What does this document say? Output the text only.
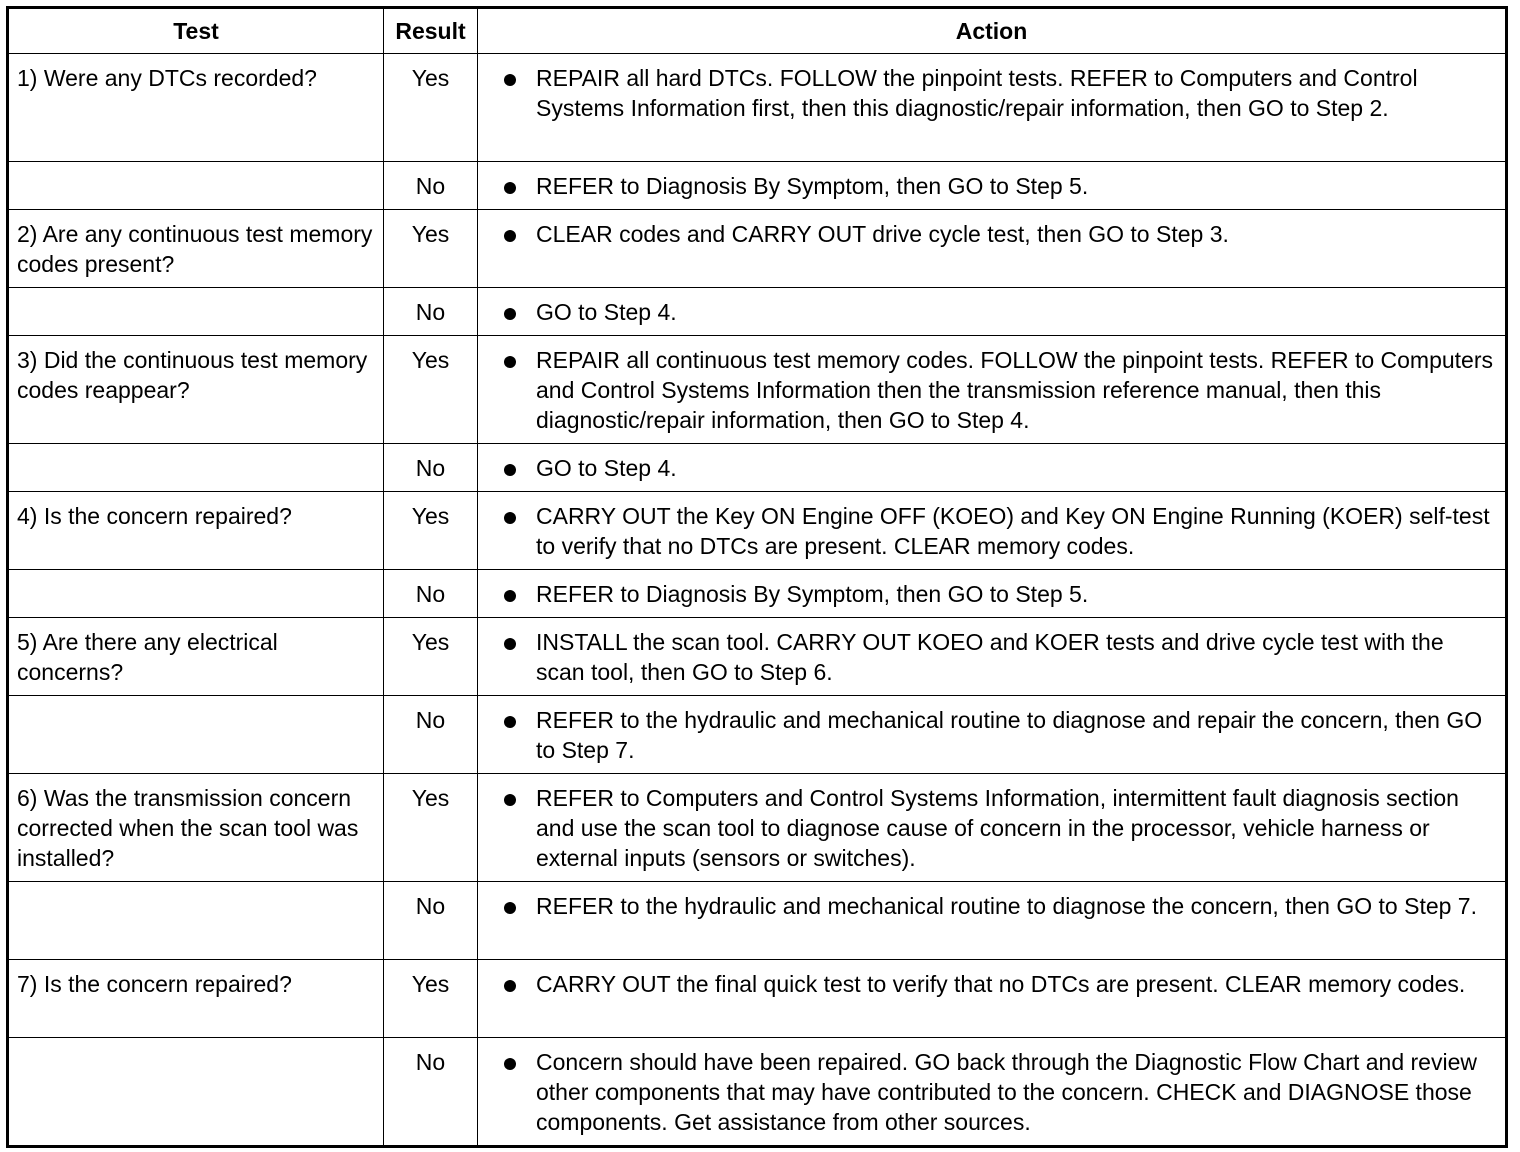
Test	Result	Action
1) Were any DTCs recorded?	Yes	REPAIR all hard DTCs. FOLLOW the pinpoint tests. REFER to Computers and Control Systems Information first, then this diagnostic/repair information, then GO to Step 2.
	No	REFER to Diagnosis By Symptom, then GO to Step 5.
2) Are any continuous test memory codes present?	Yes	CLEAR codes and CARRY OUT drive cycle test, then GO to Step 3.
	No	GO to Step 4.
3) Did the continuous test memory codes reappear?	Yes	REPAIR all continuous test memory codes. FOLLOW the pinpoint tests. REFER to Computers and Control Systems Information then the transmission reference manual, then this diagnostic/repair information, then GO to Step 4.
	No	GO to Step 4.
4) Is the concern repaired?	Yes	CARRY OUT the Key ON Engine OFF (KOEO) and Key ON Engine Running (KOER) self-test to verify that no DTCs are present. CLEAR memory codes.
	No	REFER to Diagnosis By Symptom, then GO to Step 5.
5) Are there any electrical concerns?	Yes	INSTALL the scan tool. CARRY OUT KOEO and KOER tests and drive cycle test with the scan tool, then GO to Step 6.
	No	REFER to the hydraulic and mechanical routine to diagnose and repair the concern, then GO to Step 7.
6) Was the transmission concern corrected when the scan tool was installed?	Yes	REFER to Computers and Control Systems Information, intermittent fault diagnosis section and use the scan tool to diagnose cause of concern in the processor, vehicle harness or external inputs (sensors or switches).
	No	REFER to the hydraulic and mechanical routine to diagnose the concern, then GO to Step 7.
7) Is the concern repaired?	Yes	CARRY OUT the final quick test to verify that no DTCs are present. CLEAR memory codes.
	No	Concern should have been repaired. GO back through the Diagnostic Flow Chart and review other components that may have contributed to the concern. CHECK and DIAGNOSE those components. Get assistance from other sources.
